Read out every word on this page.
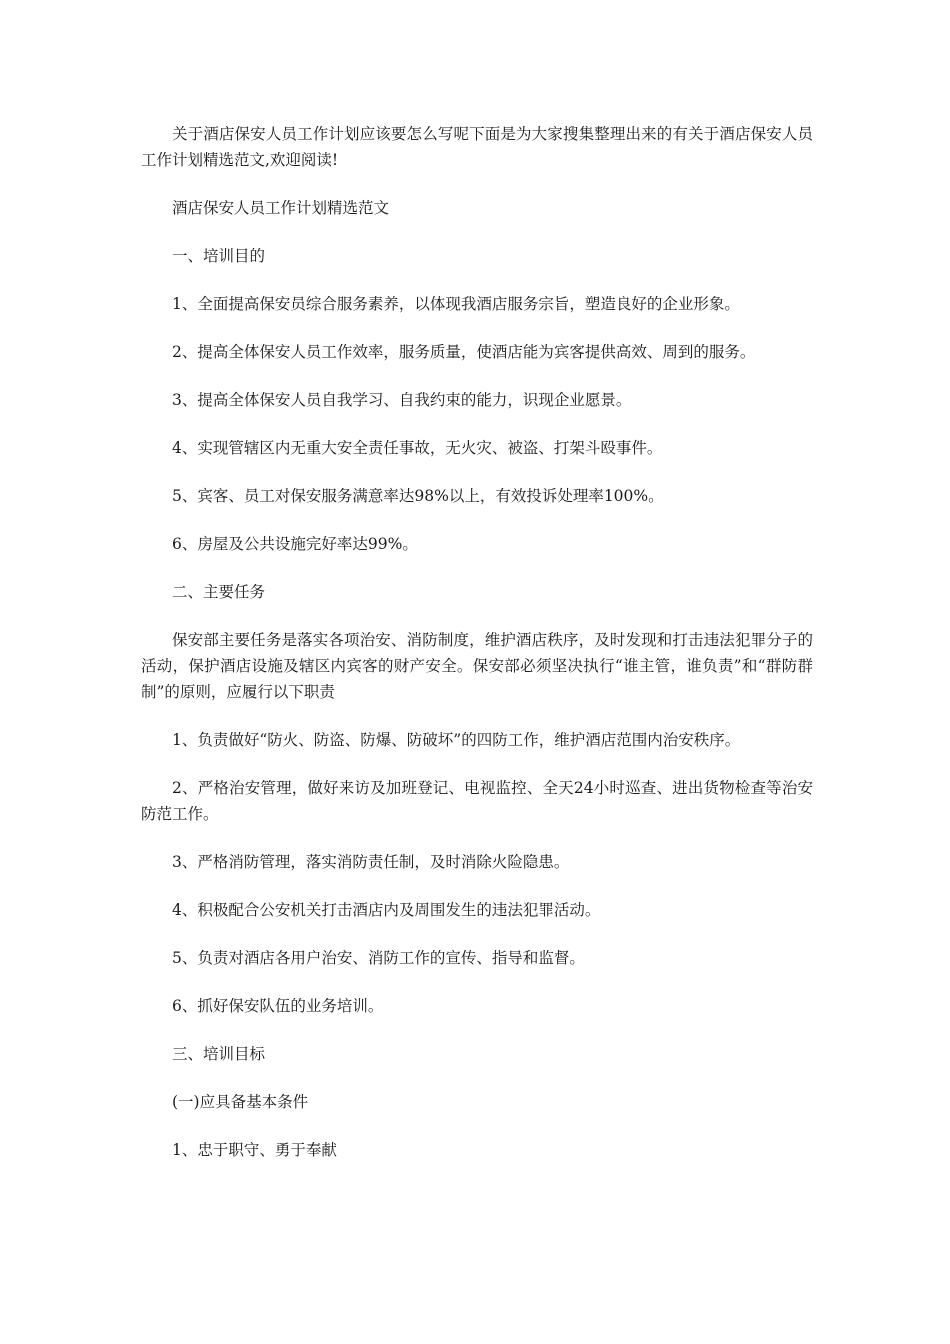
关于酒店保安人员工作计划应该要怎么写呢下面是为大家搜集整理出来的有关于酒店保安人员工作计划精选范文,欢迎阅读!

酒店保安人员工作计划精选范文

一、培训目的

1、全面提高保安员综合服务素养，以体现我酒店服务宗旨，塑造良好的企业形象。

2、提高全体保安人员工作效率，服务质量，使酒店能为宾客提供高效、周到的服务。

3、提高全体保安人员自我学习、自我约束的能力，识现企业愿景。

4、实现管辖区内无重大安全责任事故，无火灾、被盗、打架斗殴事件。

5、宾客、员工对保安服务满意率达98%以上，有效投诉处理率100%。

6、房屋及公共设施完好率达99%。

二、主要任务

保安部主要任务是落实各项治安、消防制度，维护酒店秩序，及时发现和打击违法犯罪分子的活动，保护酒店设施及辖区内宾客的财产安全。保安部必须坚决执行“谁主管，谁负责”和“群防群制”的原则，应履行以下职责

1、负责做好“防火、防盗、防爆、防破坏”的四防工作，维护酒店范围内治安秩序。

2、严格治安管理，做好来访及加班登记、电视监控、全天24小时巡查、进出货物检查等治安防范工作。

3、严格消防管理，落实消防责任制，及时消除火险隐患。

4、积极配合公安机关打击酒店内及周围发生的违法犯罪活动。

5、负责对酒店各用户治安、消防工作的宣传、指导和监督。

6、抓好保安队伍的业务培训。

三、培训目标

(一)应具备基本条件

1、忠于职守、勇于奉献
